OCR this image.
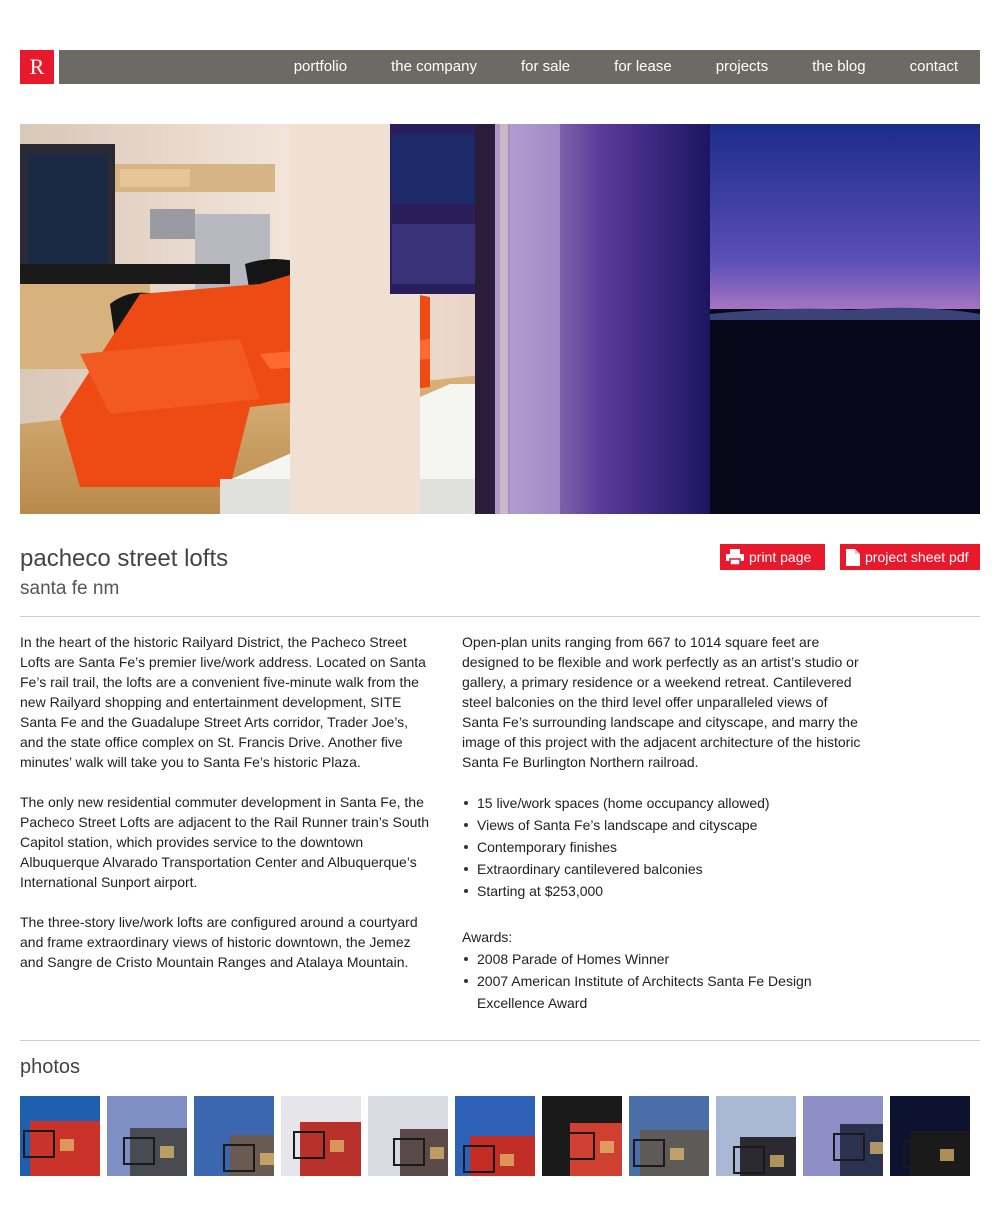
R	portfolio	the company	for sale	for lease	projects	the blog	contact
pacheco street lofts
santa fe nm
print page	project sheet pdf

In the heart of the historic Railyard District, the Pacheco Street Lofts are Santa Fe’s premier live/work address. Located on Santa Fe’s rail trail, the lofts are a convenient five-minute walk from the new Railyard shopping and entertainment development, SITE Santa Fe and the Guadalupe Street Arts corridor, Trader Joe’s, and the state office complex on St. Francis Drive. Another five minutes’ walk will take you to Santa Fe’s historic Plaza.

The only new residential commuter development in Santa Fe, the Pacheco Street Lofts are adjacent to the Rail Runner train’s South Capitol station, which provides service to the downtown Albuquerque Alvarado Transportation Center and Albuquerque’s International Sunport airport.

The three-story live/work lofts are configured around a courtyard and frame extraordinary views of historic downtown, the Jemez and Sangre de Cristo Mountain Ranges and Atalaya Mountain.

Open-plan units ranging from 667 to 1014 square feet are designed to be flexible and work perfectly as an artist’s studio or gallery, a primary residence or a weekend retreat. Cantilevered steel balconies on the third level offer unparalleled views of Santa Fe’s surrounding landscape and cityscape, and marry the image of this project with the adjacent architecture of the historic Santa Fe Burlington Northern railroad.

15 live/work spaces (home occupancy allowed)
Views of Santa Fe’s landscape and cityscape
Contemporary finishes
Extraordinary cantilevered balconies
Starting at $253,000
Awards:
2008 Parade of Homes Winner
2007 American Institute of Architects Santa Fe Design Excellence Award
photos
